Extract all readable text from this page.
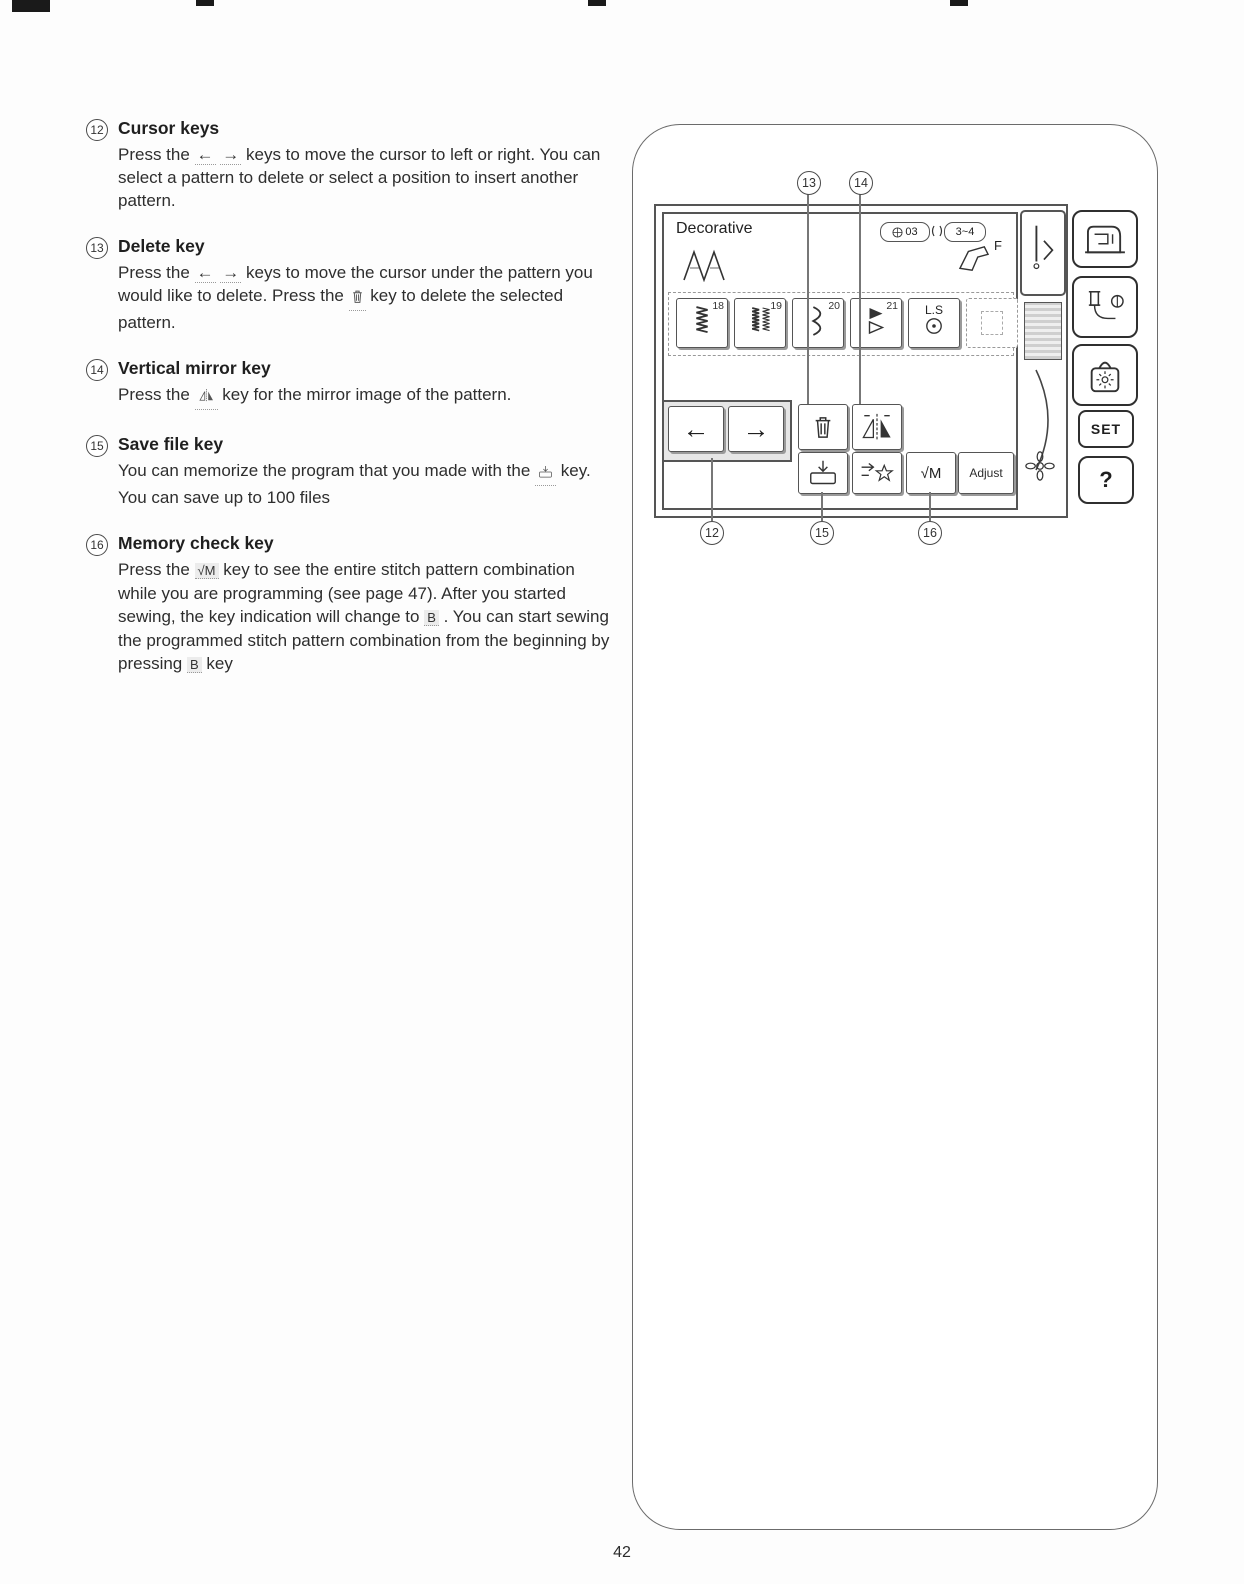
12 Cursor keys

Press the ← → keys to move the cursor to left or right. You can select a pattern to delete or select a position to insert another pattern.

13 Delete key

Press the ← → keys to move the cursor under the pattern you would like to delete. Press the  key to delete the selected pattern.

14 Vertical mirror key

Press the  key for the mirror image of the pattern.

15 Save file key

You can memorize the program that you made with the  key. You can save up to 100 files

16 Memory check key

Press the √M key to see the entire stitch pattern combination while you are programming (see page 47). After you started sewing, the key indication will change to B . You can start sewing the programmed stitch pattern combination from the beginning by pressing B key

Decorative	03	3~4
F
18	19	20	21 L.S
← →
√M Adjust
SET
?
13	14
12	15	16
42
